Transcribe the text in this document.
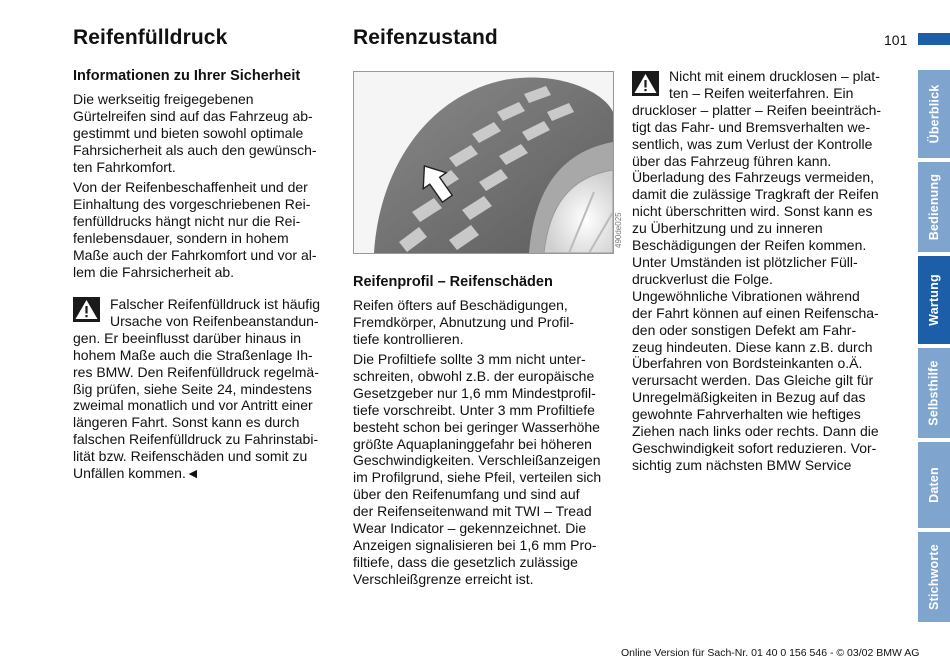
101
Reifenfülldruck
Informationen zu Ihrer Sicherheit
Die werkseitig freigegebenen
Gürtelreifen sind auf das Fahrzeug ab-
gestimmt und bieten sowohl optimale
Fahrsicherheit als auch den gewünsch-
ten Fahrkomfort.
Von der Reifenbeschaffenheit und der
Einhaltung des vorgeschriebenen Rei-
fenfülldrucks hängt nicht nur die Rei-
fenlebensdauer, sondern in hohem
Maße auch der Fahrkomfort und vor al-
lem die Fahrsicherheit ab.
Falscher Reifenfülldruck ist häufig
Ursache von Reifenbeanstandun-
gen. Er beeinflusst darüber hinaus in
hohem Maße auch die Straßenlage Ih-
res BMW. Den Reifenfülldruck regelmä-
ßig prüfen, siehe Seite 24, mindestens
zweimal monatlich und vor Antritt einer
längeren Fahrt. Sonst kann es durch
falschen Reifenfülldruck zu Fahrinstabi-
lität bzw. Reifenschäden und somit zu
Unfällen kommen.◄
Reifenzustand
490de025
Reifenprofil – Reifenschäden
Reifen öfters auf Beschädigungen,
Fremdkörper, Abnutzung und Profil-
tiefe kontrollieren.
Die Profiltiefe sollte 3 mm nicht unter-
schreiten, obwohl z.B. der europäische
Gesetzgeber nur 1,6 mm Mindestprofil-
tiefe vorschreibt. Unter 3 mm Profiltiefe
besteht schon bei geringer Wasserhöhe
größte Aquaplaninggefahr bei höheren
Geschwindigkeiten. Verschleißanzeigen
im Profilgrund, siehe Pfeil, verteilen sich
über den Reifenumfang und sind auf
der Reifenseitenwand mit TWI – Tread
Wear Indicator – gekennzeichnet. Die
Anzeigen signalisieren bei 1,6 mm Pro-
filtiefe, dass die gesetzlich zulässige
Verschleißgrenze erreicht ist.
Nicht mit einem drucklosen – plat-
ten – Reifen weiterfahren. Ein
druckloser – platter – Reifen beeinträch-
tigt das Fahr- und Bremsverhalten we-
sentlich, was zum Verlust der Kontrolle
über das Fahrzeug führen kann.
Überladung des Fahrzeugs vermeiden,
damit die zulässige Tragkraft der Reifen
nicht überschritten wird. Sonst kann es
zu Überhitzung und zu inneren
Beschädigungen der Reifen kommen.
Unter Umständen ist plötzlicher Füll-
druckverlust die Folge.
Ungewöhnliche Vibrationen während
der Fahrt können auf einen Reifenscha-
den oder sonstigen Defekt am Fahr-
zeug hindeuten. Diese kann z.B. durch
Überfahren von Bordsteinkanten o.Ä.
verursacht werden. Das Gleiche gilt für
Unregelmäßigkeiten in Bezug auf das
gewohnte Fahrverhalten wie heftiges
Ziehen nach links oder rechts. Dann die
Geschwindigkeit sofort reduzieren. Vor-
sichtig zum nächsten BMW Service
Überblick
Bedienung
Wartung
Selbsthilfe
Daten
Stichworte
Online Version für Sach-Nr. 01 40 0 156 546 - © 03/02 BMW AG
